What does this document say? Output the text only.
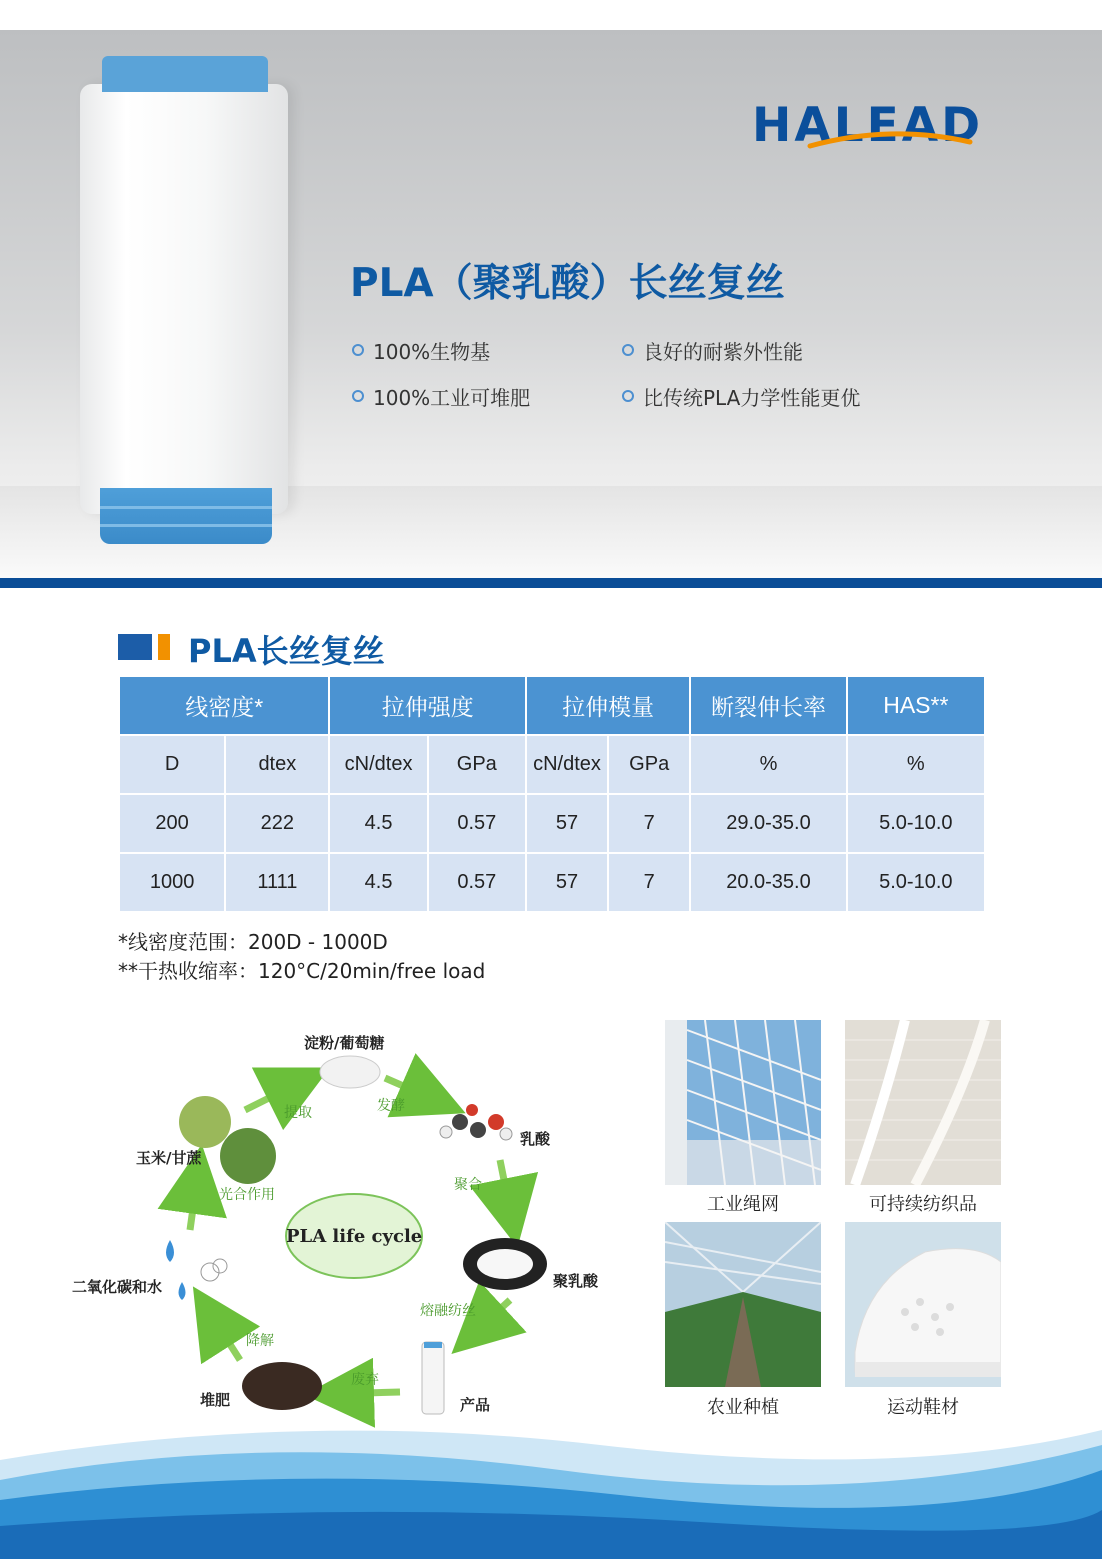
HALEAD
PLA（聚乳酸）长丝复丝
100%生物基	良好的耐紫外性能
100%工业可堆肥	比传统PLA力学性能更优
PLA长丝复丝
线密度*		拉伸强度		拉伸模量		断裂伸长率	HAS**
D	dtex	cN/dtex	GPa	cN/dtex	GPa	%	%
200	222	4.5	0.57	57	7	29.0-35.0	5.0-10.0
1000	1111	4.5	0.57	57	7	20.0-35.0	5.0-10.0
*线密度范围：200D - 1000D
**干热收缩率：120°C/20min/free load
淀粉/葡萄糖
乳酸
聚乳酸
产品
堆肥
二氧化碳和水
玉米/甘蔗
提取	发酵
聚合
熔融纺丝
废弃
降解
光合作用
PLA life cycle
工业绳网	可持续纺织品
农业种植	运动鞋材
